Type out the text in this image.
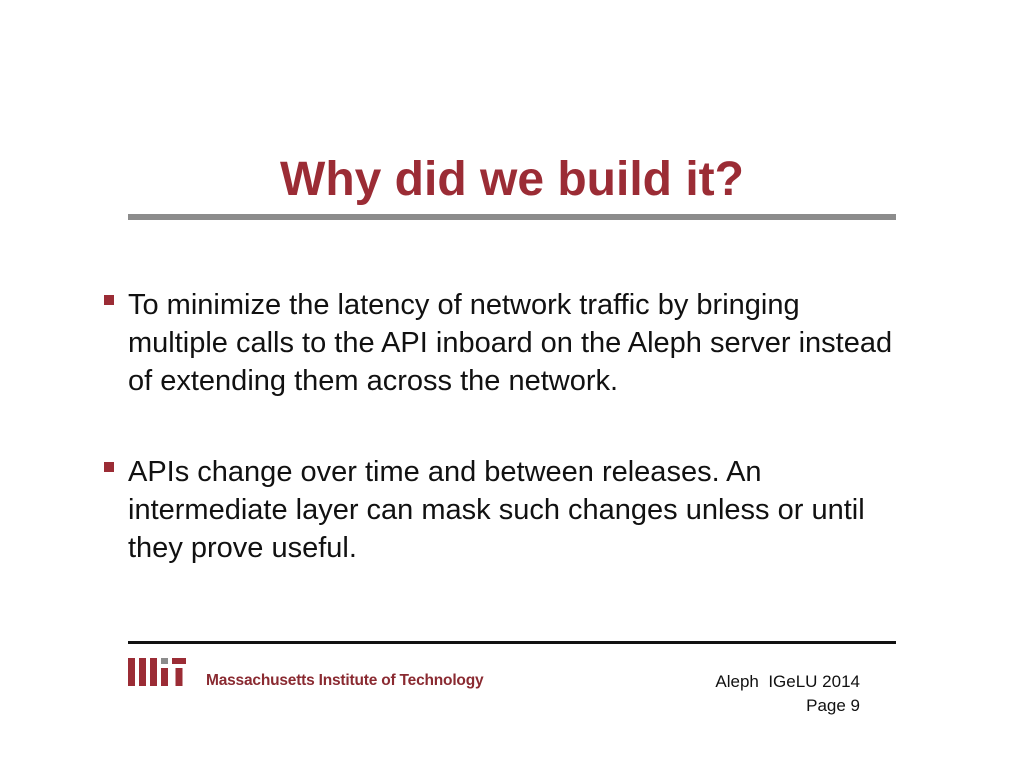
Why did we build it?
To minimize the latency of network traffic by bringing multiple calls to the API inboard on the Aleph server instead of extending them across the network.
APIs change over time and between releases. An intermediate layer can mask such changes unless or until they prove useful.
Massachusetts Institute of Technology	Aleph  IGeLU 2014
Page 9
